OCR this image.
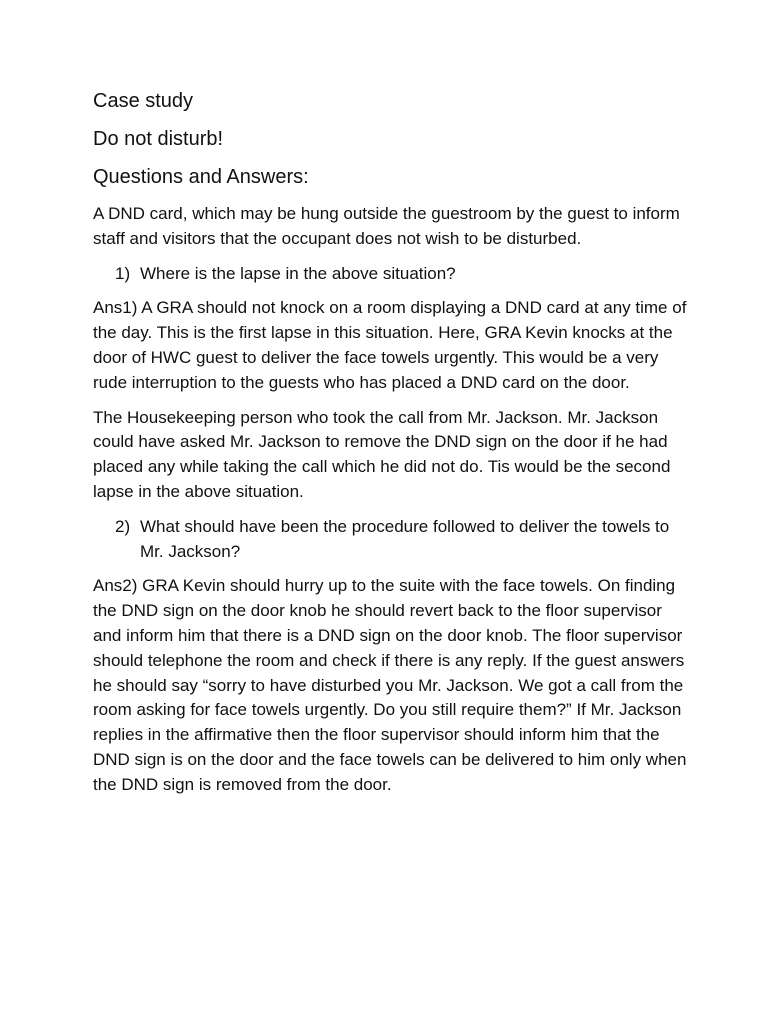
Case study
Do not disturb!
Questions and Answers:

A DND card, which may be hung outside the guestroom by the guest to inform staff and visitors that the occupant does not wish to be disturbed.

1) Where is the lapse in the above situation?

Ans1) A GRA should not knock on a room displaying a DND card at any time of the day. This is the first lapse in this situation. Here, GRA Kevin knocks at the door of HWC guest to deliver the face towels urgently. This would be a very rude interruption to the guests who has placed a DND card on the door.

The Housekeeping person who took the call from Mr. Jackson. Mr. Jackson could have asked Mr. Jackson to remove the DND sign on the door if he had placed any while taking the call which he did not do. Tis would be the second lapse in the above situation.

2) What should have been the procedure followed to deliver the towels to Mr. Jackson?

Ans2) GRA Kevin should hurry up to the suite with the face towels. On finding the DND sign on the door knob he should revert back to the floor supervisor and inform him that there is a DND sign on the door knob. The floor supervisor should telephone the room and check if there is any reply. If the guest answers he should say “sorry to have disturbed you Mr. Jackson. We got a call from the room asking for face towels urgently. Do you still require them?” If Mr. Jackson replies in the affirmative then the floor supervisor should inform him that the DND sign is on the door and the face towels can be delivered to him only when the DND sign is removed from the door.
